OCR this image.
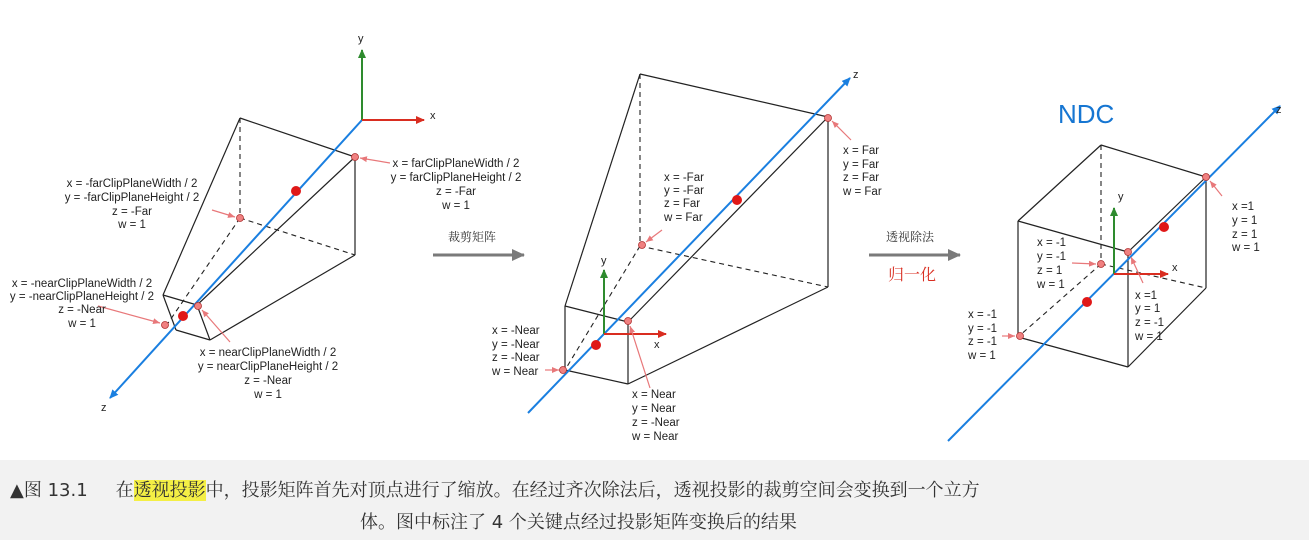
y
x
z
x = farClipPlaneWidth / 2
y = farClipPlaneHeight / 2
z = -Far
w = 1
x = -farClipPlaneWidth / 2
y = -farClipPlaneHeight / 2
z = -Far
w = 1
x = -nearClipPlaneWidth / 2
y = -nearClipPlaneHeight / 2
z = -Near
w = 1
x = nearClipPlaneWidth / 2
y = nearClipPlaneHeight / 2
z = -Near
w = 1
裁剪矩阵
y
x
z
x = Far
y = Far
z = Far
w = Far
x = -Far
y = -Far
z = Far
w = Far
x = -Near
y = -Near
z = -Near
w = Near
x = Near
y = Near
z = -Near
w = Near
透视除法
归一化
NDC
y
x
z
x =1
y = 1
z = 1
w = 1
x = -1
y = -1
z = 1
w = 1
x = -1
y = -1
z = -1
w = 1
x =1
y = 1
z = -1
w = 1
▲图 13.1 在透视投影中，投影矩阵首先对顶点进行了缩放。在经过齐次除法后，透视投影的裁剪空间会变换到一个立方
体。图中标注了 4 个关键点经过投影矩阵变换后的结果
